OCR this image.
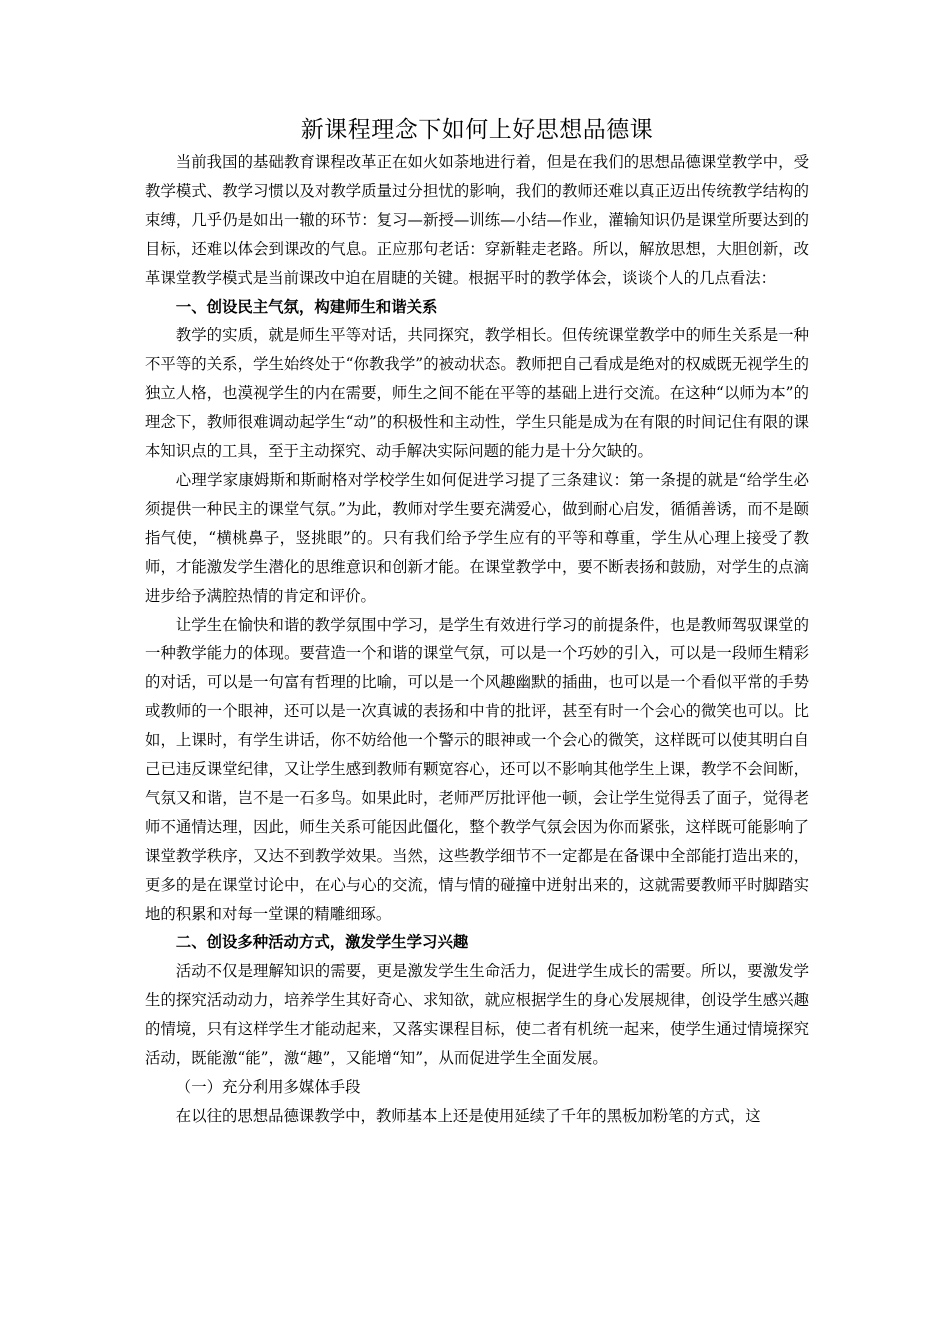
新课程理念下如何上好思想品德课

当前我国的基础教育课程改革正在如火如荼地进行着，但是在我们的思想品德课堂教学中，受教学模式、教学习惯以及对教学质量过分担忧的影响，我们的教师还难以真正迈出传统教学结构的束缚，几乎仍是如出一辙的环节：复习—新授—训练—小结—作业，灌输知识仍是课堂所要达到的目标，还难以体会到课改的气息。正应那句老话：穿新鞋走老路。所以，解放思想，大胆创新，改革课堂教学模式是当前课改中迫在眉睫的关键。根据平时的教学体会，谈谈个人的几点看法：

一、创设民主气氛，构建师生和谐关系

教学的实质，就是师生平等对话，共同探究，教学相长。但传统课堂教学中的师生关系是一种不平等的关系，学生始终处于“你教我学”的被动状态。教师把自己看成是绝对的权威既无视学生的独立人格，也漠视学生的内在需要，师生之间不能在平等的基础上进行交流。在这种“以师为本”的理念下，教师很难调动起学生“动”的积极性和主动性，学生只能是成为在有限的时间记住有限的课本知识点的工具，至于主动探究、动手解决实际问题的能力是十分欠缺的。

心理学家康姆斯和斯耐格对学校学生如何促进学习提了三条建议：第一条提的就是“给学生必须提供一种民主的课堂气氛。”为此，教师对学生要充满爱心，做到耐心启发，循循善诱，而不是颐指气使，“横桃鼻子，竖挑眼”的。只有我们给予学生应有的平等和尊重，学生从心理上接受了教师，才能激发学生潜化的思维意识和创新才能。在课堂教学中，要不断表扬和鼓励，对学生的点滴进步给予满腔热情的肯定和评价。

让学生在愉快和谐的教学氛围中学习，是学生有效进行学习的前提条件，也是教师驾驭课堂的一种教学能力的体现。要营造一个和谐的课堂气氛，可以是一个巧妙的引入，可以是一段师生精彩的对话，可以是一句富有哲理的比喻，可以是一个风趣幽默的插曲，也可以是一个看似平常的手势或教师的一个眼神，还可以是一次真诚的表扬和中肯的批评，甚至有时一个会心的微笑也可以。比如，上课时，有学生讲话，你不妨给他一个警示的眼神或一个会心的微笑，这样既可以使其明白自己已违反课堂纪律，又让学生感到教师有颗宽容心，还可以不影响其他学生上课，教学不会间断，气氛又和谐，岂不是一石多鸟。如果此时，老师严厉批评他一顿，会让学生觉得丢了面子，觉得老师不通情达理，因此，师生关系可能因此僵化，整个教学气氛会因为你而紧张，这样既可能影响了课堂教学秩序，又达不到教学效果。当然，这些教学细节不一定都是在备课中全部能打造出来的，更多的是在课堂讨论中，在心与心的交流，情与情的碰撞中迸射出来的，这就需要教师平时脚踏实地的积累和对每一堂课的精雕细琢。

二、创设多种活动方式，激发学生学习兴趣

活动不仅是理解知识的需要，更是激发学生生命活力，促进学生成长的需要。所以，要激发学生的探究活动动力，培养学生其好奇心、求知欲，就应根据学生的身心发展规律，创设学生感兴趣的情境，只有这样学生才能动起来，又落实课程目标，使二者有机统一起来，使学生通过情境探究活动，既能激“能”，激“趣”，又能增“知”，从而促进学生全面发展。

（一）充分利用多媒体手段

在以往的思想品德课教学中，教师基本上还是使用延续了千年的黑板加粉笔的方式，这
